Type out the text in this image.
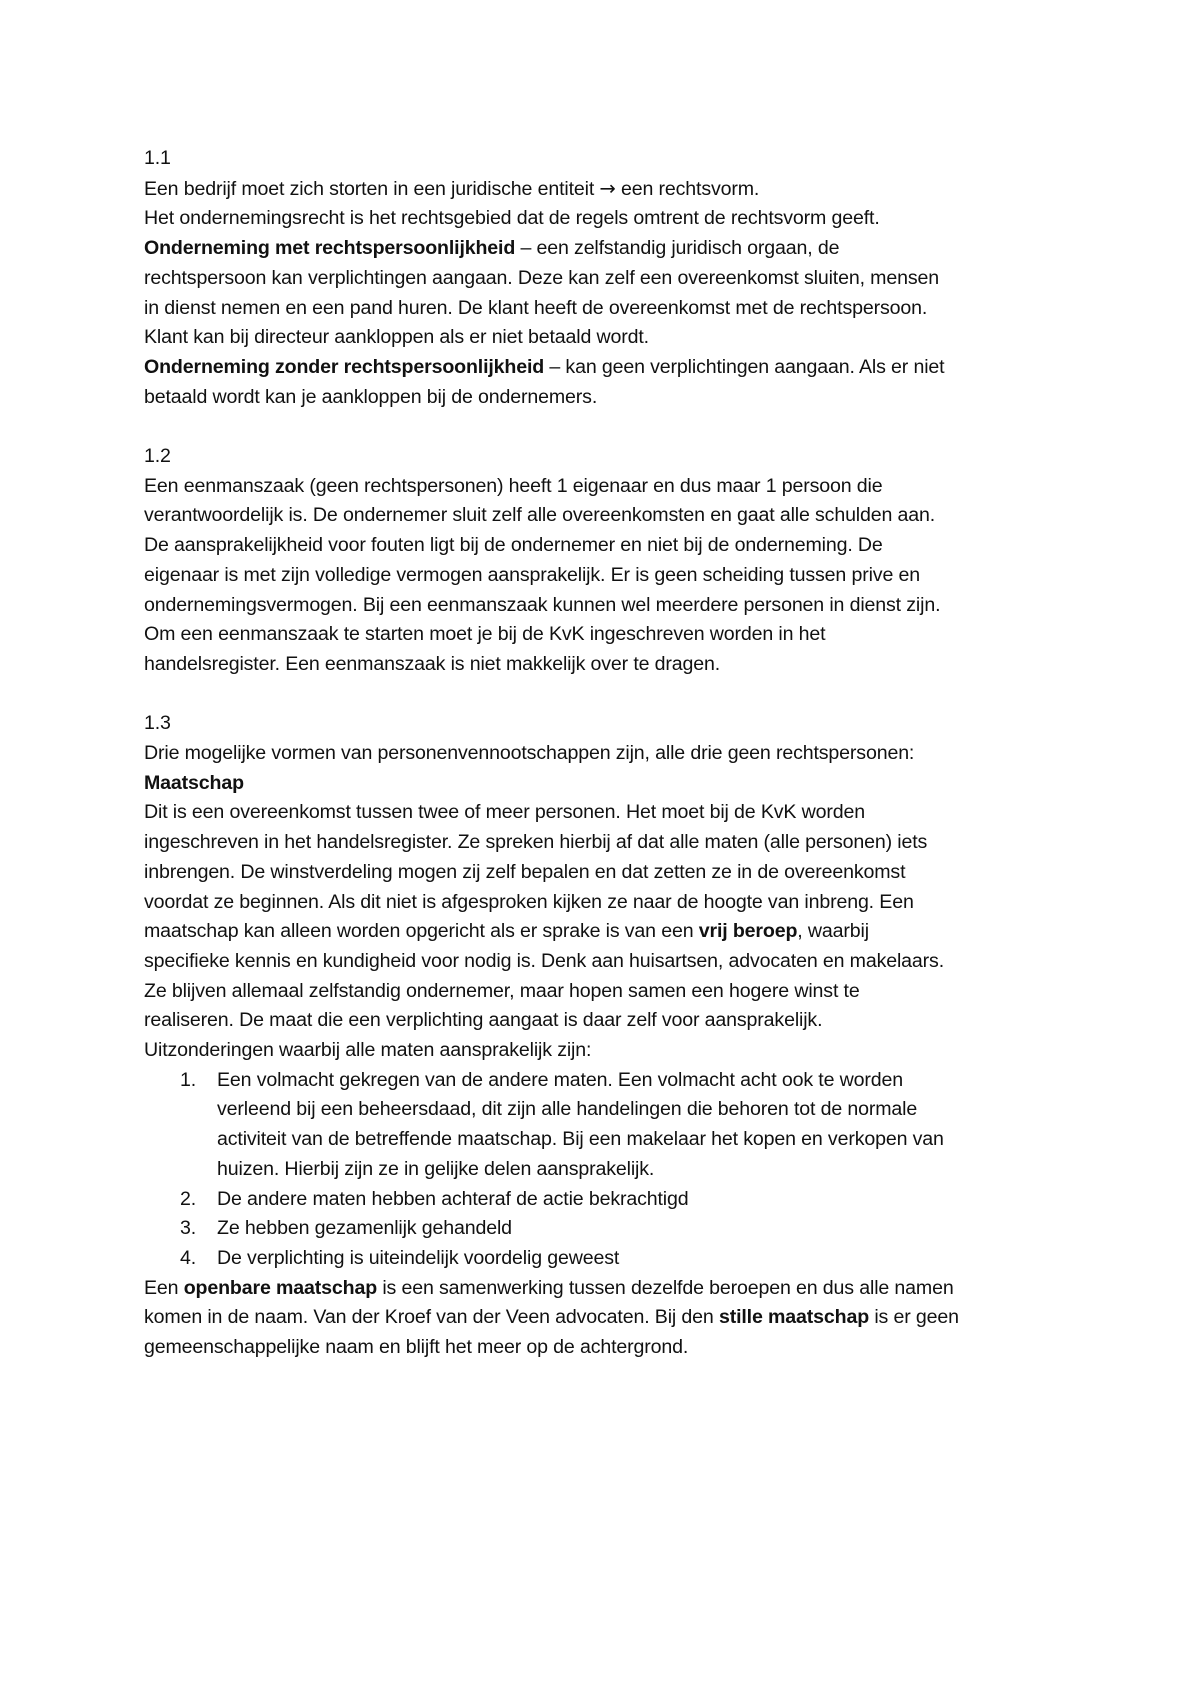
1.1
Een bedrijf moet zich storten in een juridische entiteit → een rechtsvorm.
Het ondernemingsrecht is het rechtsgebied dat de regels omtrent de rechtsvorm geeft.
Onderneming met rechtspersoonlijkheid – een zelfstandig juridisch orgaan, de
rechtspersoon kan verplichtingen aangaan. Deze kan zelf een overeenkomst sluiten, mensen
in dienst nemen en een pand huren. De klant heeft de overeenkomst met de rechtspersoon.
Klant kan bij directeur aankloppen als er niet betaald wordt.
Onderneming zonder rechtspersoonlijkheid – kan geen verplichtingen aangaan. Als er niet
betaald wordt kan je aankloppen bij de ondernemers.
1.2
Een eenmanszaak (geen rechtspersonen) heeft 1 eigenaar en dus maar 1 persoon die
verantwoordelijk is. De ondernemer sluit zelf alle overeenkomsten en gaat alle schulden aan.
De aansprakelijkheid voor fouten ligt bij de ondernemer en niet bij de onderneming. De
eigenaar is met zijn volledige vermogen aansprakelijk. Er is geen scheiding tussen prive en
ondernemingsvermogen. Bij een eenmanszaak kunnen wel meerdere personen in dienst zijn.
Om een eenmanszaak te starten moet je bij de KvK ingeschreven worden in het
handelsregister. Een eenmanszaak is niet makkelijk over te dragen.
1.3
Drie mogelijke vormen van personenvennootschappen zijn, alle drie geen rechtspersonen:
Maatschap
Dit is een overeenkomst tussen twee of meer personen. Het moet bij de KvK worden
ingeschreven in het handelsregister. Ze spreken hierbij af dat alle maten (alle personen) iets
inbrengen. De winstverdeling mogen zij zelf bepalen en dat zetten ze in de overeenkomst
voordat ze beginnen. Als dit niet is afgesproken kijken ze naar de hoogte van inbreng. Een
maatschap kan alleen worden opgericht als er sprake is van een vrij beroep, waarbij
specifieke kennis en kundigheid voor nodig is. Denk aan huisartsen, advocaten en makelaars.
Ze blijven allemaal zelfstandig ondernemer, maar hopen samen een hogere winst te
realiseren. De maat die een verplichting aangaat is daar zelf voor aansprakelijk.
Uitzonderingen waarbij alle maten aansprakelijk zijn:
1. Een volmacht gekregen van de andere maten. Een volmacht acht ook te worden
verleend bij een beheersdaad, dit zijn alle handelingen die behoren tot de normale
activiteit van de betreffende maatschap. Bij een makelaar het kopen en verkopen van
huizen. Hierbij zijn ze in gelijke delen aansprakelijk.
2. De andere maten hebben achteraf de actie bekrachtigd
3. Ze hebben gezamenlijk gehandeld
4. De verplichting is uiteindelijk voordelig geweest
Een openbare maatschap is een samenwerking tussen dezelfde beroepen en dus alle namen
komen in de naam. Van der Kroef van der Veen advocaten. Bij den stille maatschap is er geen
gemeenschappelijke naam en blijft het meer op de achtergrond.
